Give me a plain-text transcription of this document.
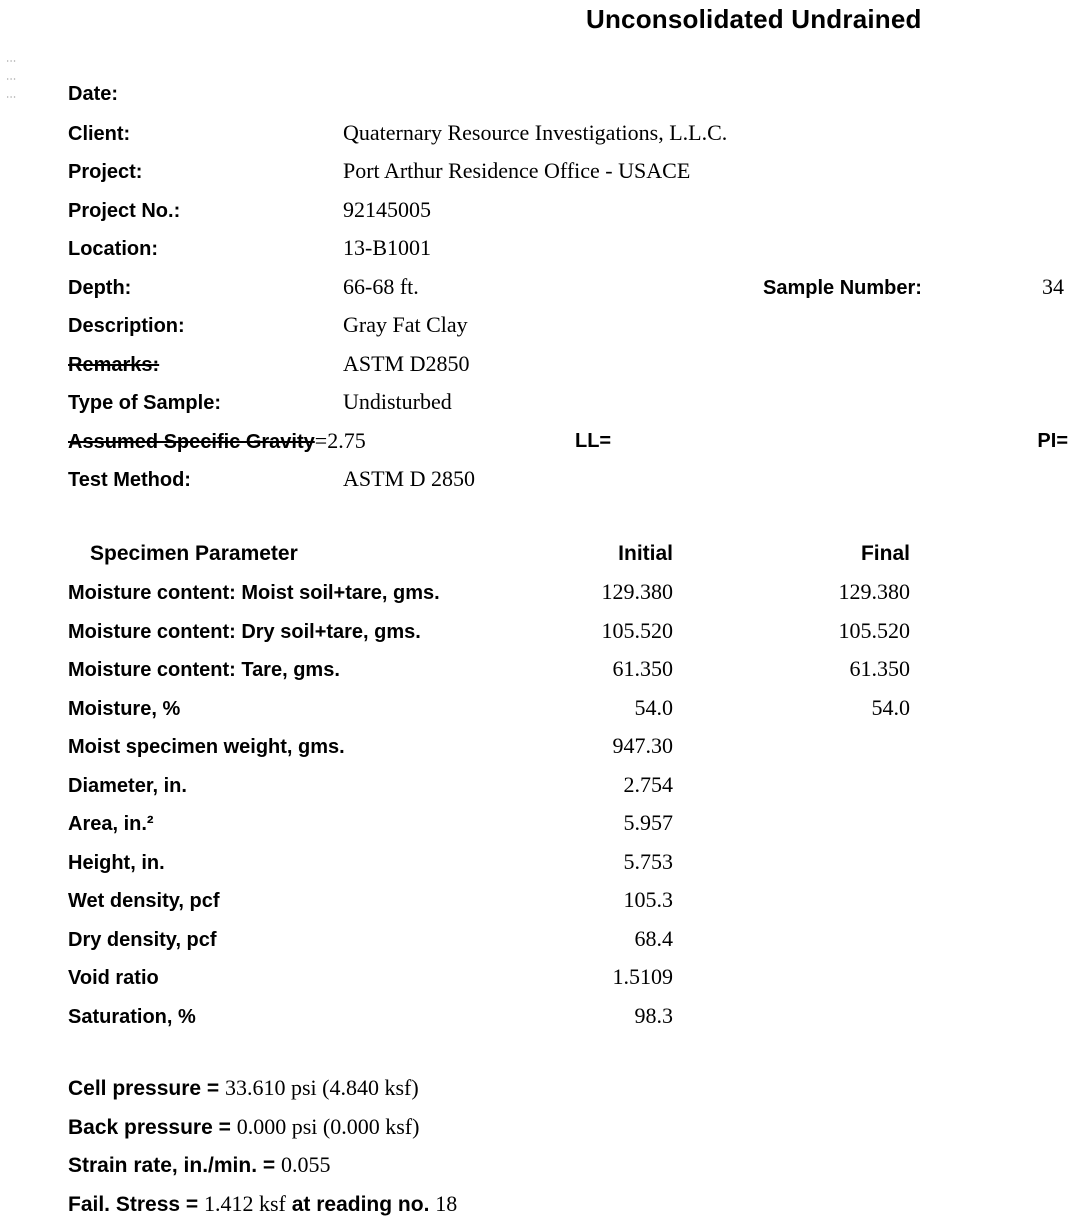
⋮⋮⋮
Unconsolidated Undrained
Date:
Client:	Quaternary Resource Investigations, L.L.C.
Project:	Port Arthur Residence Office - USACE
Project No.:	92145005
Location:	13-B1001
Depth:	66-68 ft.	Sample Number:	34
Description:	Gray Fat Clay
Remarks:	ASTM D2850
Type of Sample:	Undisturbed
Assumed Specific Gravity =2.75	LL=	PI=
Test Method:	ASTM D 2850
Specimen Parameter	Initial	Final
Moisture content: Moist soil+tare, gms.	129.380	129.380
Moisture content: Dry soil+tare, gms.	105.520	105.520
Moisture content: Tare, gms.	61.350	61.350
Moisture, %	54.0	54.0
Moist specimen weight, gms.	947.30
Diameter, in.	2.754
Area, in.²	5.957
Height, in.	5.753
Wet density, pcf	105.3
Dry density, pcf	68.4
Void ratio	1.5109
Saturation, %	98.3
Cell pressure = 33.610 psi (4.840 ksf)
Back pressure = 0.000 psi (0.000 ksf)
Strain rate, in./min. = 0.055
Fail. Stress = 1.412 ksf at reading no. 18
